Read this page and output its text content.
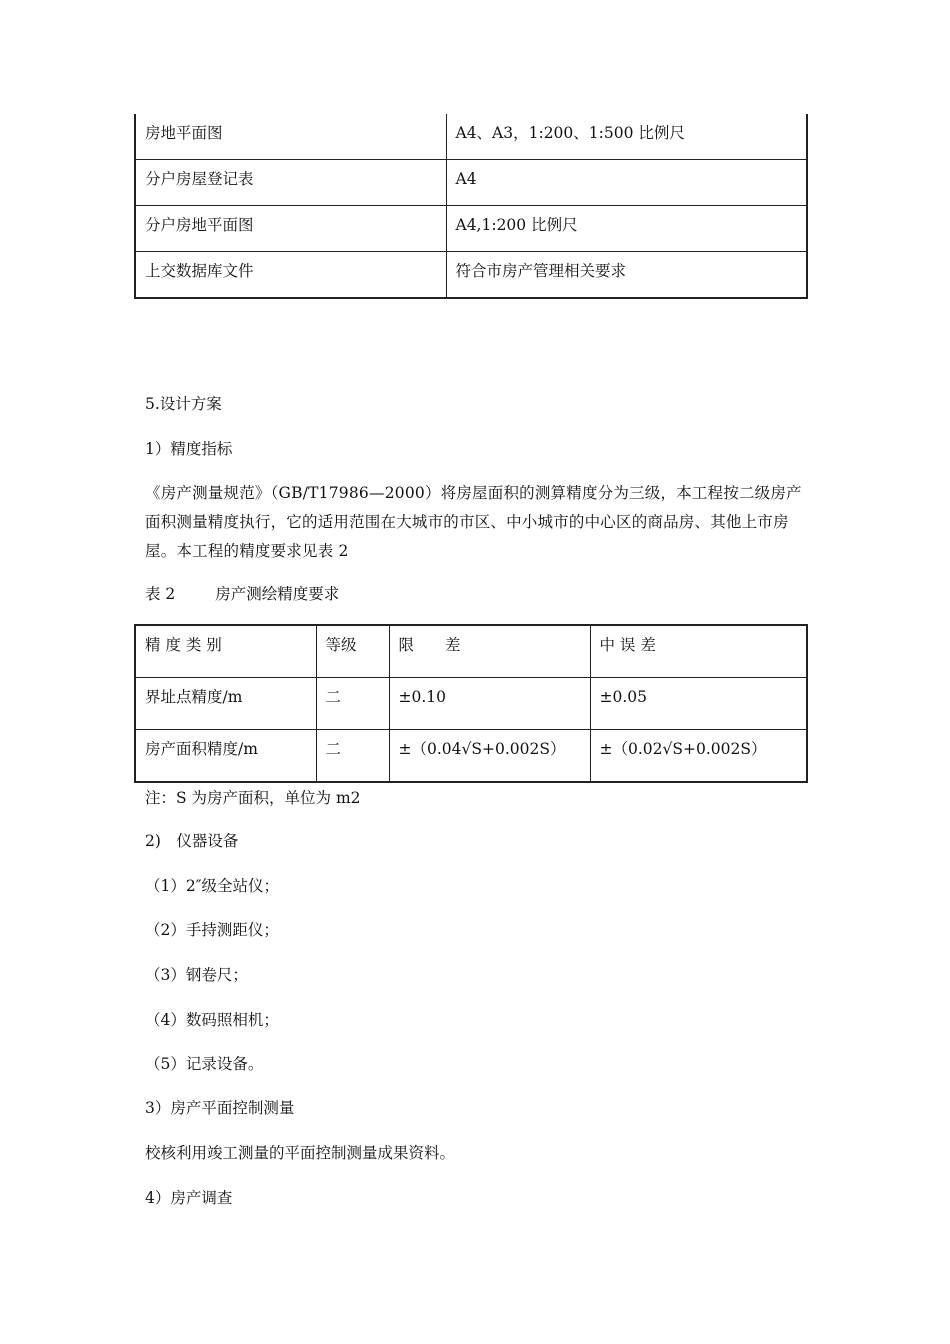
房地平面图	A4、A3，1:200、1:500 比例尺
分户房屋登记表	A4
分户房地平面图	A4,1:200 比例尺
上交数据库文件	符合市房产管理相关要求

5.设计方案

1）精度指标

《房产测量规范》（GB/T17986—2000）将房屋面积的测算精度分为三级，本工程按二级房产面积测量精度执行，它的适用范围在大城市的市区、中小城市的中心区的商品房、其他上市房屋。本工程的精度要求见表 2

表 2	房产测绘精度要求

精 度 类 别	等级	限　　差	中 误 差
界址点精度/m	二	±0.10	±0.05
房产面积精度/m	二	±（0.04√S+0.002S）	±（0.02√S+0.002S）

注：S 为房产面积，单位为 m2

2)　仪器设备

（1）2″级全站仪；

（2）手持测距仪；

（3）钢卷尺；

（4）数码照相机；

（5）记录设备。

3）房产平面控制测量

校核利用竣工测量的平面控制测量成果资料。

4）房产调查
